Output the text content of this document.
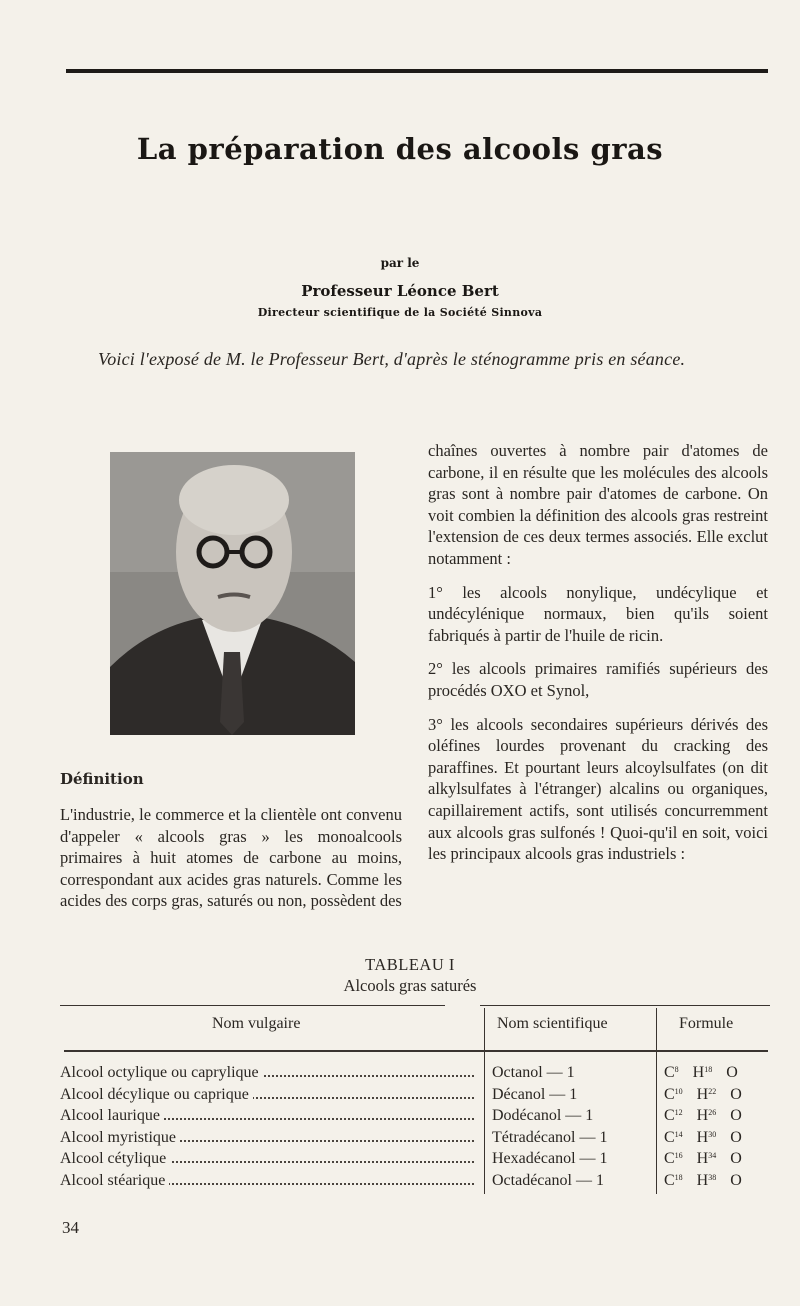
La préparation des alcools gras
par le
Professeur Léonce Bert
Directeur scientifique de la Société Sinnova
Voici l'exposé de M. le Professeur Bert, d'après le sténogramme pris en séance.

chaînes ouvertes à nombre pair d'atomes de carbone, il en résulte que les molécules des alcools gras sont à nombre pair d'atomes de carbone. On voit combien la définition des alcools gras restreint l'extension de ces deux termes associés. Elle exclut notamment :

1° les alcools nonylique, undécylique et undécylénique normaux, bien qu'ils soient fabriqués à partir de l'huile de ricin.

2° les alcools primaires ramifiés supérieurs des procédés OXO et Synol,

3° les alcools secondaires supérieurs dérivés des oléfines lourdes provenant du cracking des paraffines. Et pourtant leurs alcoylsulfates (on dit alkylsulfates à l'étranger) alcalins ou organiques, capillairement actifs, sont utilisés concurremment aux alcools gras sulfonés ! Quoi-qu'il en soit, voici les principaux alcools gras industriels :

Définition

L'industrie, le commerce et la clientèle ont convenu d'appeler « alcools gras » les monoalcools primaires à huit atomes de carbone au moins, correspondant aux acides gras naturels. Comme les acides des corps gras, saturés ou non, possèdent des

TABLEAU I
Alcools gras saturés
Nom vulgaire	Nom scientifique	Formule
Alcool octylique ou caprylique	Octanol — 1	$C^8$ $H^{18}$ O
Alcool décylique ou caprique	Décanol — 1	$C^{10}$ $H^{22}$ O
Alcool laurique	Dodécanol — 1	$C^{12}$ $H^{26}$ O
Alcool myristique	Tétradécanol — 1	$C^{14}$ $H^{30}$ O
Alcool cétylique	Hexadécanol — 1	$C^{16}$ $H^{34}$ O
Alcool stéarique	Octadécanol — 1	$C^{18}$ $H^{38}$ O
34
